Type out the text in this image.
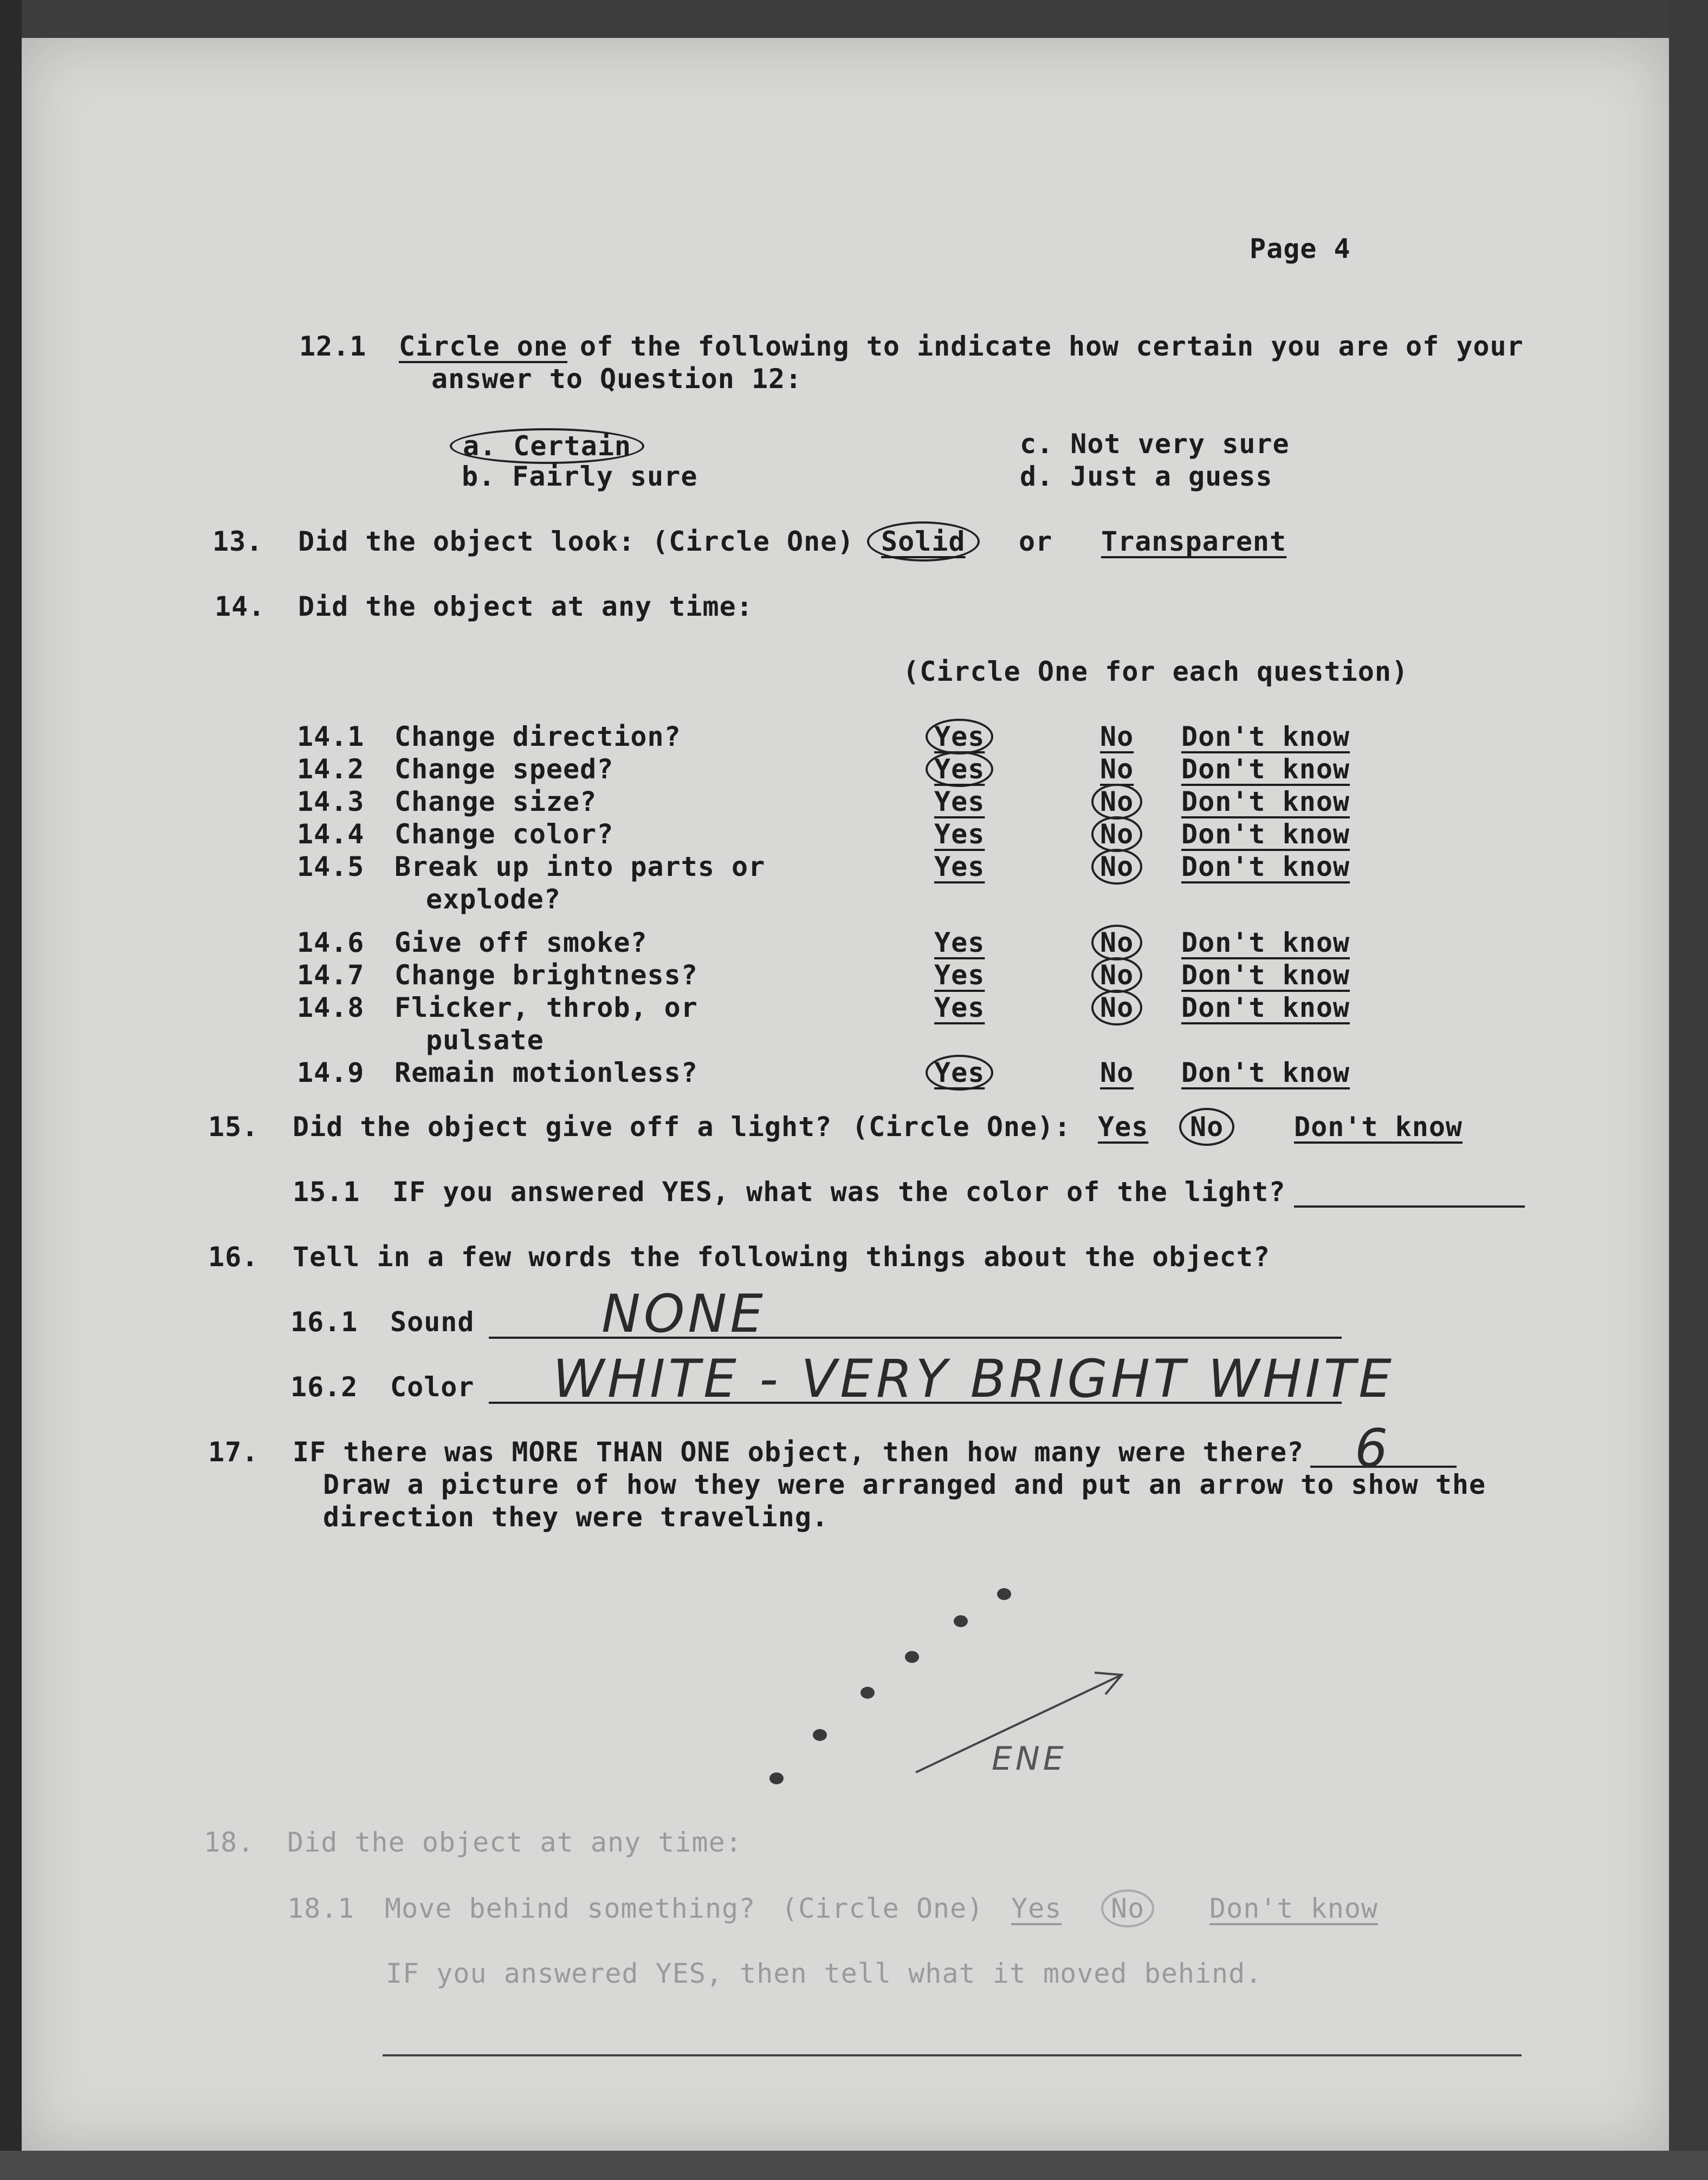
Page 4
12.1 Circle one of the following to indicate how certain you are of your
answer to Question 12:
a. Certain
b. Fairly sure
c. Not very sure
d. Just a guess
13. Did the object look: (Circle One) Solid	or Transparent
14. Did the object at any time:
(Circle One for each question)
14.1 Change direction?	Yes	No Don't know
14.2 Change speed?	Yes	No Don't know
14.3 Change size?	Yes	No	Don't know
14.4 Change color?	Yes	No	Don't know
14.5 Break up into parts or
explode?
Yes	No	Don't know
14.6 Give off smoke?	Yes	No	Don't know
14.7 Change brightness?	Yes	No	Don't know
14.8 Flicker, throb, or
pulsate
Yes	No	Don't know
14.9 Remain motionless?	Yes	No Don't know
15. Did the object give off a light? (Circle One): Yes	No	Don't know
15.1 IF you answered YES, what was the color of the light?
16. Tell in a few words the following things about the object?
16.1 Sound NONE
16.2 Color WHITE - VERY BRIGHT WHITE
17. IF there was MORE THAN ONE object, then how many were there? 6
Draw a picture of how they were arranged and put an arrow to show the
direction they were traveling.
ENE
18. Did the object at any time:
18.1 Move behind something? (Circle One) Yes	No	Don't know
IF you answered YES, then tell what it moved behind.
